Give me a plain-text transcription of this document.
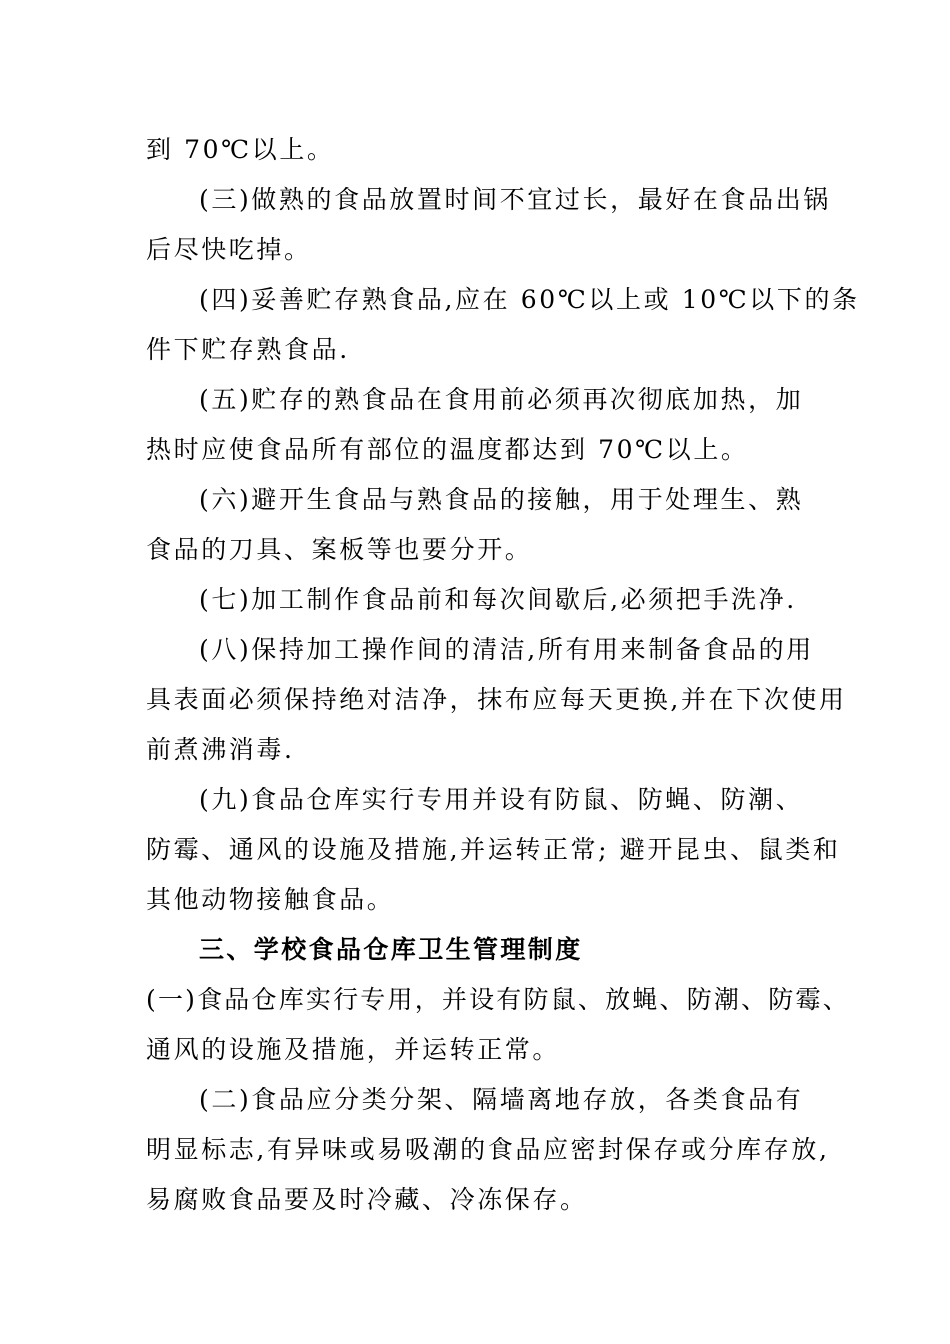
到 70℃以上。
(三)做熟的食品放置时间不宜过长，最好在食品出锅
后尽快吃掉。
(四)妥善贮存熟食品,应在 60℃以上或 10℃以下的条
件下贮存熟食品.
(五)贮存的熟食品在食用前必须再次彻底加热，加
热时应使食品所有部位的温度都达到 70℃以上。
(六)避开生食品与熟食品的接触，用于处理生、熟
食品的刀具、案板等也要分开。
(七)加工制作食品前和每次间歇后,必须把手洗净.
(八)保持加工操作间的清洁,所有用来制备食品的用
具表面必须保持绝对洁净，抹布应每天更换,并在下次使用
前煮沸消毒.
(九)食品仓库实行专用并设有防鼠、防蝇、防潮、
防霉、通风的设施及措施,并运转正常; 避开昆虫、鼠类和
其他动物接触食品。
三、学校食品仓库卫生管理制度
(一)食品仓库实行专用，并设有防鼠、放蝇、防潮、防霉、
通风的设施及措施，并运转正常。
(二)食品应分类分架、隔墙离地存放，各类食品有
明显标志,有异味或易吸潮的食品应密封保存或分库存放,
易腐败食品要及时冷藏、冷冻保存。
